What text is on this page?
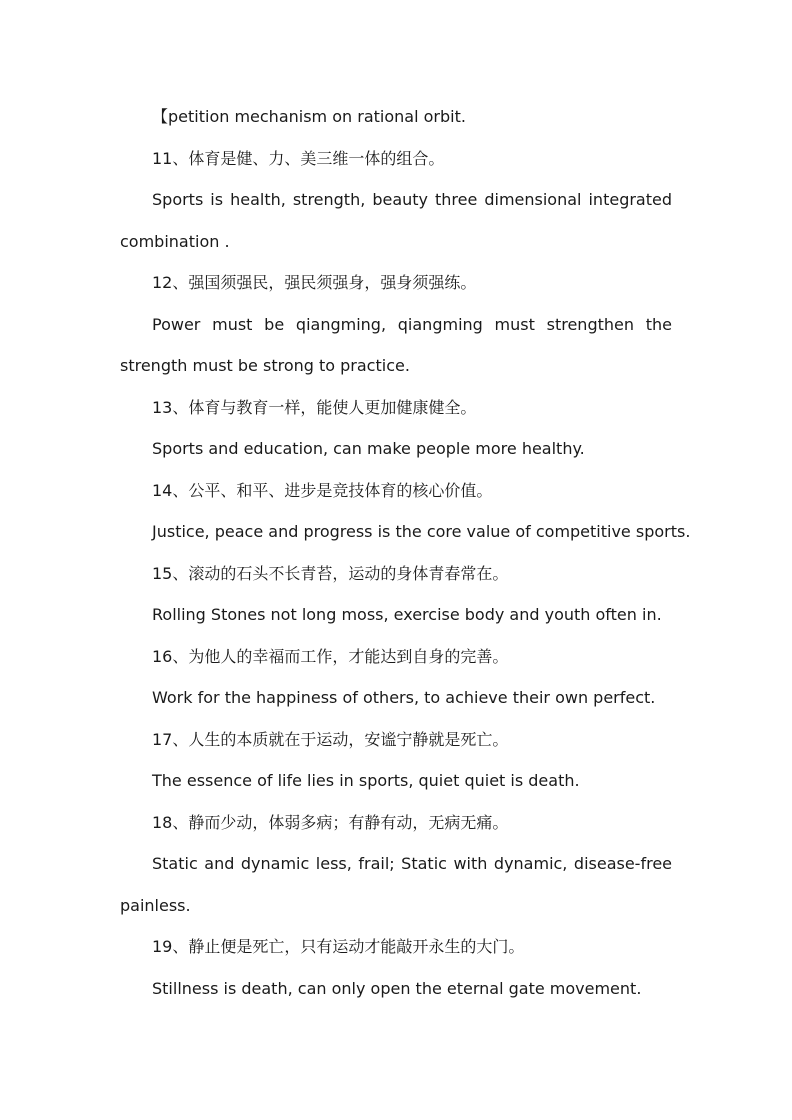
【petition mechanism on rational orbit.

11、体育是健、力、美三维一体的组合。

Sports is health, strength, beauty three dimensional integrated combination .

12、强国须强民，强民须强身，强身须强练。

Power must be qiangming, qiangming must strengthen the strength must be strong to practice.

13、体育与教育一样，能使人更加健康健全。

Sports and education, can make people more healthy.

14、公平、和平、进步是竞技体育的核心价值。

Justice, peace and progress is the core value of competitive sports.

15、滚动的石头不长青苔，运动的身体青春常在。

Rolling Stones not long moss, exercise body and youth often in.

16、为他人的幸福而工作，才能达到自身的完善。

Work for the happiness of others, to achieve their own perfect.

17、人生的本质就在于运动，安谧宁静就是死亡。

The essence of life lies in sports, quiet quiet is death.

18、静而少动，体弱多病；有静有动，无病无痛。

Static and dynamic less, frail; Static with dynamic, disease-free painless.

19、静止便是死亡，只有运动才能敲开永生的大门。

Stillness is death, can only open the eternal gate movement.
